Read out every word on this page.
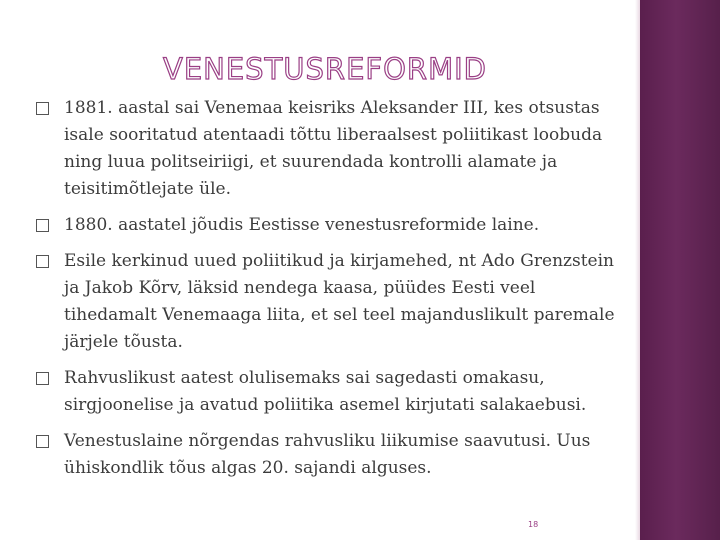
VENESTUSREFORMID
1881. aastal sai Venemaa keisriks Aleksander III, kes otsustas isale sooritatud atentaadi tõttu liberaalsest poliitikast loobuda ning luua politseiriigi, et suurendada kontrolli alamate ja teisitimõtlejate üle.
1880. aastatel jõudis Eestisse venestusreformide laine.
Esile kerkinud uued poliitikud ja kirjamehed, nt Ado Grenzstein ja Jakob Kõrv, läksid nendega kaasa, püüdes Eesti veel tihedamalt Venemaaga liita, et sel teel majanduslikult paremale järjele tõusta.
Rahvuslikust aatest olulisemaks sai sagedasti omakasu, sirgjoonelise ja avatud poliitika asemel kirjutati salakaebusi.
Venestuslaine nõrgendas rahvusliku liikumise saavutusi. Uus ühiskondlik tõus algas 20. sajandi alguses.
18
